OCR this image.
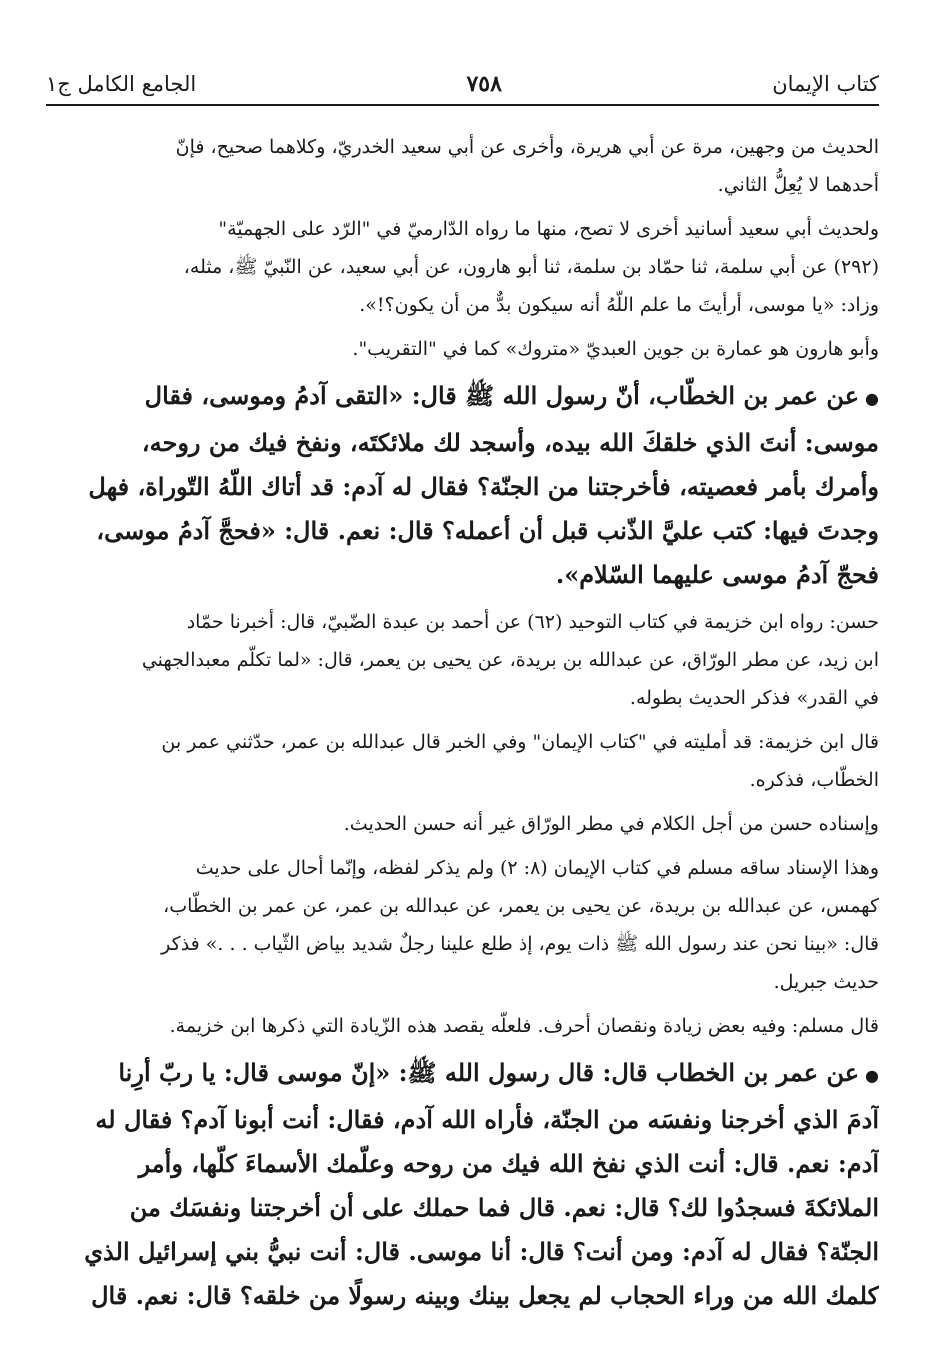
كتاب الإيمان
٧٥٨
الجامع الكامل ج١
الحديث من وجهين، مرة عن أبي هريرة، وأخرى عن أبي سعيد الخدريّ، وكلاهما صحيح، فإنّ
أحدهما لا يُعِلُّ الثاني.
ولحديث أبي سعيد أسانيد أخرى لا تصح، منها ما رواه الدّارميّ في "الرّد على الجهميّة"
(٢٩٢) عن أبي سلمة، ثنا حمّاد بن سلمة، ثنا أبو هارون، عن أبي سعيد، عن النّبيّ ﷺ، مثله،
وزاد: «يا موسى، أرأيتَ ما علم اللّهُ أنه سيكون بدٌّ من أن يكون؟!».
وأبو هارون هو عمارة بن جوين العبديّ «متروك» كما في "التقريب".
●عن عمر بن الخطّاب، أنّ رسول الله ﷺ قال: «التقى آدمُ وموسى، فقال
موسى: أنتَ الذي خلقكَ الله بيده، وأسجد لك ملائكتَه، ونفخ فيك من روحه،
وأمرك بأمر فعصيته، فأخرجتنا من الجنّة؟ فقال له آدم: قد أتاك اللّهُ التّوراة، فهل
وجدتَ فيها: كتب عليَّ الذّنب قبل أن أعمله؟ قال: نعم. قال: «فحجَّ آدمُ موسى،
فحجّ آدمُ موسى عليهما السّلام».
حسن: رواه ابن خزيمة في كتاب التوحيد (٦٢) عن أحمد بن عبدة الضّبيّ، قال: أخبرنا حمّاد
ابن زيد، عن مطر الورّاق، عن عبدالله بن بريدة، عن يحيى بن يعمر، قال: «لما تكلّم معبدالجهني
في القدر» فذكر الحديث بطوله.
قال ابن خزيمة: قد أمليته في "كتاب الإيمان" وفي الخبر قال عبدالله بن عمر، حدّثني عمر بن
الخطّاب، فذكره.
وإسناده حسن من أجل الكلام في مطر الورّاق غير أنه حسن الحديث.
وهذا الإسناد ساقه مسلم في كتاب الإيمان (٨: ٢) ولم يذكر لفظه، وإنّما أحال على حديث
كهمس، عن عبدالله بن بريدة، عن يحيى بن يعمر، عن عبدالله بن عمر، عن عمر بن الخطّاب،
قال: «بينا نحن عند رسول الله ﷺ ذات يوم، إذ طلع علينا رجلٌ شديد بياض الثّياب . . .» فذكر
حديث جبريل.
قال مسلم: وفيه بعض زيادة ونقصان أحرف. فلعلّه يقصد هذه الزّيادة التي ذكرها ابن خزيمة.
●عن عمر بن الخطاب قال: قال رسول الله ﷺ: «إنّ موسى قال: يا ربّ أرِنا
آدمَ الذي أخرجنا ونفسَه من الجنّة، فأراه الله آدم، فقال: أنت أبونا آدم؟ فقال له
آدم: نعم. قال: أنت الذي نفخ الله فيك من روحه وعلّمك الأسماءَ كلّها، وأمر
الملائكةَ فسجدُوا لك؟ قال: نعم. قال فما حملك على أن أخرجتنا ونفسَك من
الجنّة؟ فقال له آدم: ومن أنت؟ قال: أنا موسى. قال: أنت نبيُّ بني إسرائيل الذي
كلمك الله من وراء الحجاب لم يجعل بينك وبينه رسولًا من خلقه؟ قال: نعم. قال
